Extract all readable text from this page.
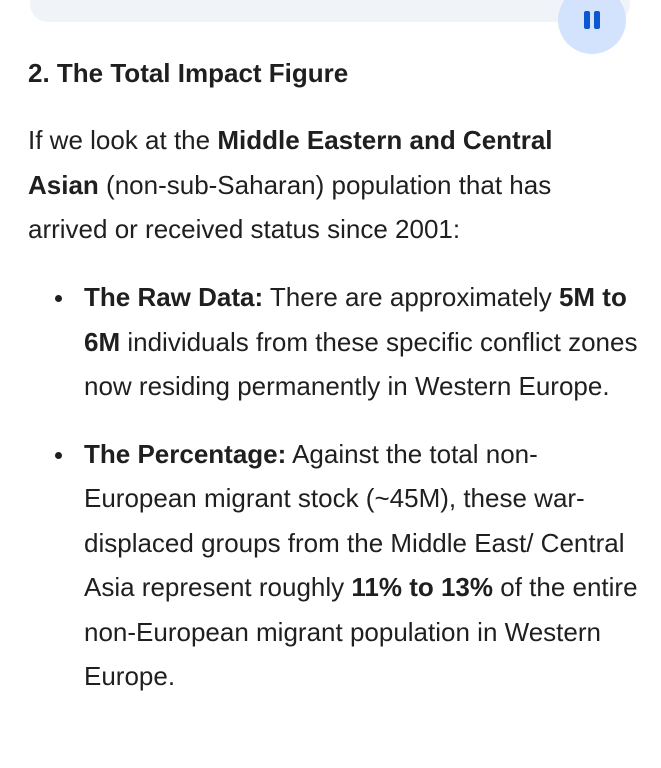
2. The Total Impact Figure

If we look at the Middle Eastern and Central Asian (non-sub-Saharan) population that has arrived or received status since 2001:

The Raw Data: There are approximately 5M to 6M individuals from these specific conflict zones now residing permanently in Western Europe.
The Percentage: Against the total non-European migrant stock (~45M), these war-displaced groups from the Middle East/ Central Asia represent roughly 11% to 13% of the entire non-European migrant population in Western Europe.
